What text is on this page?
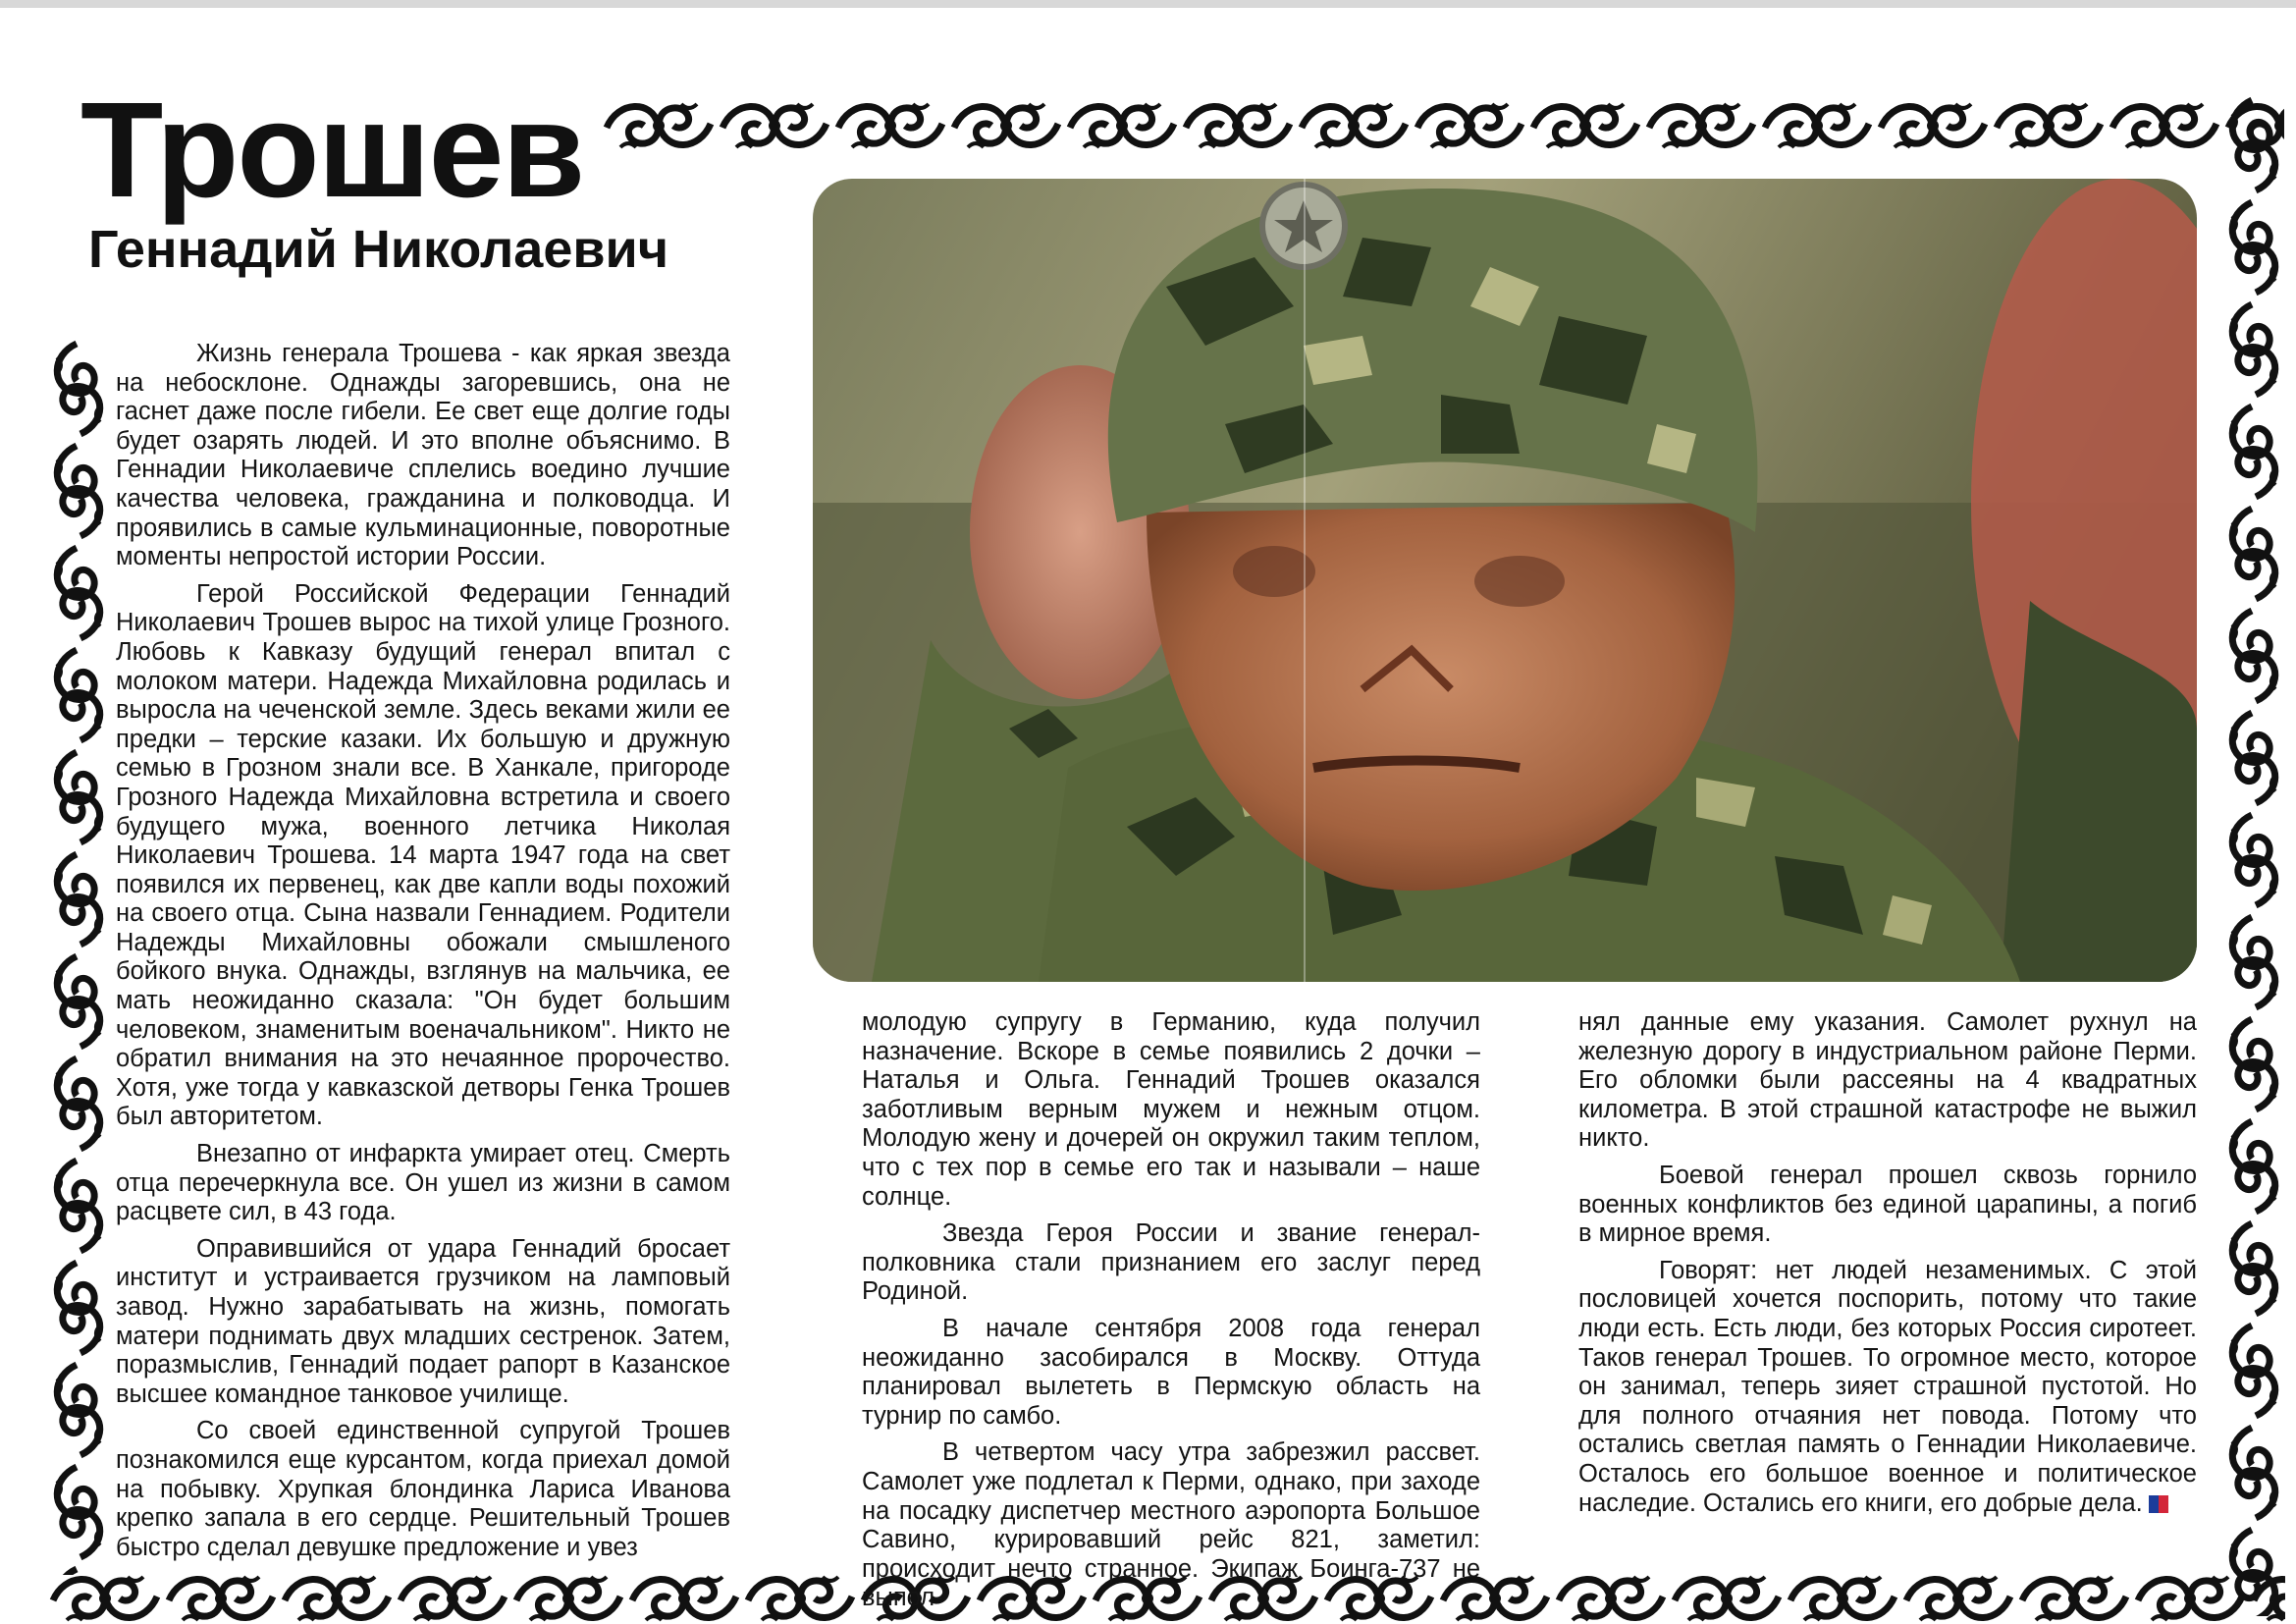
Трошев
Геннадий Николаевич

Жизнь генерала Трошева - как яркая звезда на небосклоне. Однажды загоревшись, она не гаснет даже после гибели. Ее свет еще долгие годы будет озарять людей. И это вполне объяснимо. В Геннадии Николаевиче сплелись воедино лучшие качества человека, гражданина и полководца. И проявились в самые кульминационные, поворотные моменты непростой истории России.

Герой Российской Федерации Геннадий Николаевич Трошев вырос на тихой улице Грозного. Любовь к Кавказу будущий генерал впитал с молоком матери. Надежда Михайловна родилась и выросла на чеченской земле. Здесь веками жили ее предки – терские казаки. Их большую и дружную семью в Грозном знали все. В Ханкале, пригороде Грозного Надежда Михайловна встретила и своего будущего мужа, военного летчика Николая Николаевич Трошева. 14 марта 1947 года на свет появился их первенец, как две капли воды похожий на своего отца. Сына назвали Геннадием. Родители Надежды Михайловны обожали смышленого бойкого внука. Однажды, взглянув на мальчика, ее мать неожиданно сказала: "Он будет большим человеком, знаменитым военачальником". Никто не обратил внимания на это нечаянное пророчество. Хотя, уже тогда у кавказской детворы Генка Трошев был авторитетом.

Внезапно от инфаркта умирает отец. Смерть отца перечеркнула все. Он ушел из жизни в самом расцвете сил, в 43 года.

Оправившийся от удара Геннадий бросает институт и устраивается грузчиком на ламповый завод. Нужно зарабатывать на жизнь, помогать матери поднимать двух младших сестренок. Затем, поразмыслив, Геннадий подает рапорт в Казанское высшее командное танковое училище.

Со своей единственной супругой Трошев познакомился еще курсантом, когда приехал домой на побывку. Хрупкая блондинка Лариса Иванова крепко запала в его сердце. Решительный Трошев быстро сделал девушке предложение и увез

молодую супругу в Германию, куда получил назначение. Вскоре в семье появились 2 дочки – Наталья и Ольга. Геннадий Трошев оказался заботливым верным мужем и нежным отцом. Молодую жену и дочерей он окружил таким теплом, что с тех пор в семье его так и называли – наше солнце.

Звезда Героя России и звание генерал-полковника стали признанием его заслуг перед Родиной.

В начале сентября 2008 года генерал неожиданно засобирался в Москву. Оттуда планировал вылететь в Пермскую область на турнир по самбо.

В четвертом часу утра забрезжил рассвет. Самолет уже подлетал к Перми, однако, при заходе на посадку диспетчер местного аэропорта Большое Савино, курировавший рейс 821, заметил: происходит нечто странное. Экипаж Боинга-737 не выпол-

нял данные ему указания. Самолет рухнул на железную дорогу в индустриальном районе Перми. Его обломки были рассеяны на 4 квадратных километра. В этой страшной катастрофе не выжил никто.

Боевой генерал прошел сквозь горнило военных конфликтов без единой царапины, а погиб в мирное время.

Говорят: нет людей незаменимых. С этой пословицей хочется поспорить, потому что такие люди есть. Есть люди, без которых Россия сиротеет. Таков генерал Трошев. То огромное место, которое он занимал, теперь зияет страшной пустотой. Но для полного отчаяния нет повода. Потому что остались светлая память о Геннадии Николаевиче. Осталось его большое военное и политическое наследие. Остались его книги, его добрые дела.
